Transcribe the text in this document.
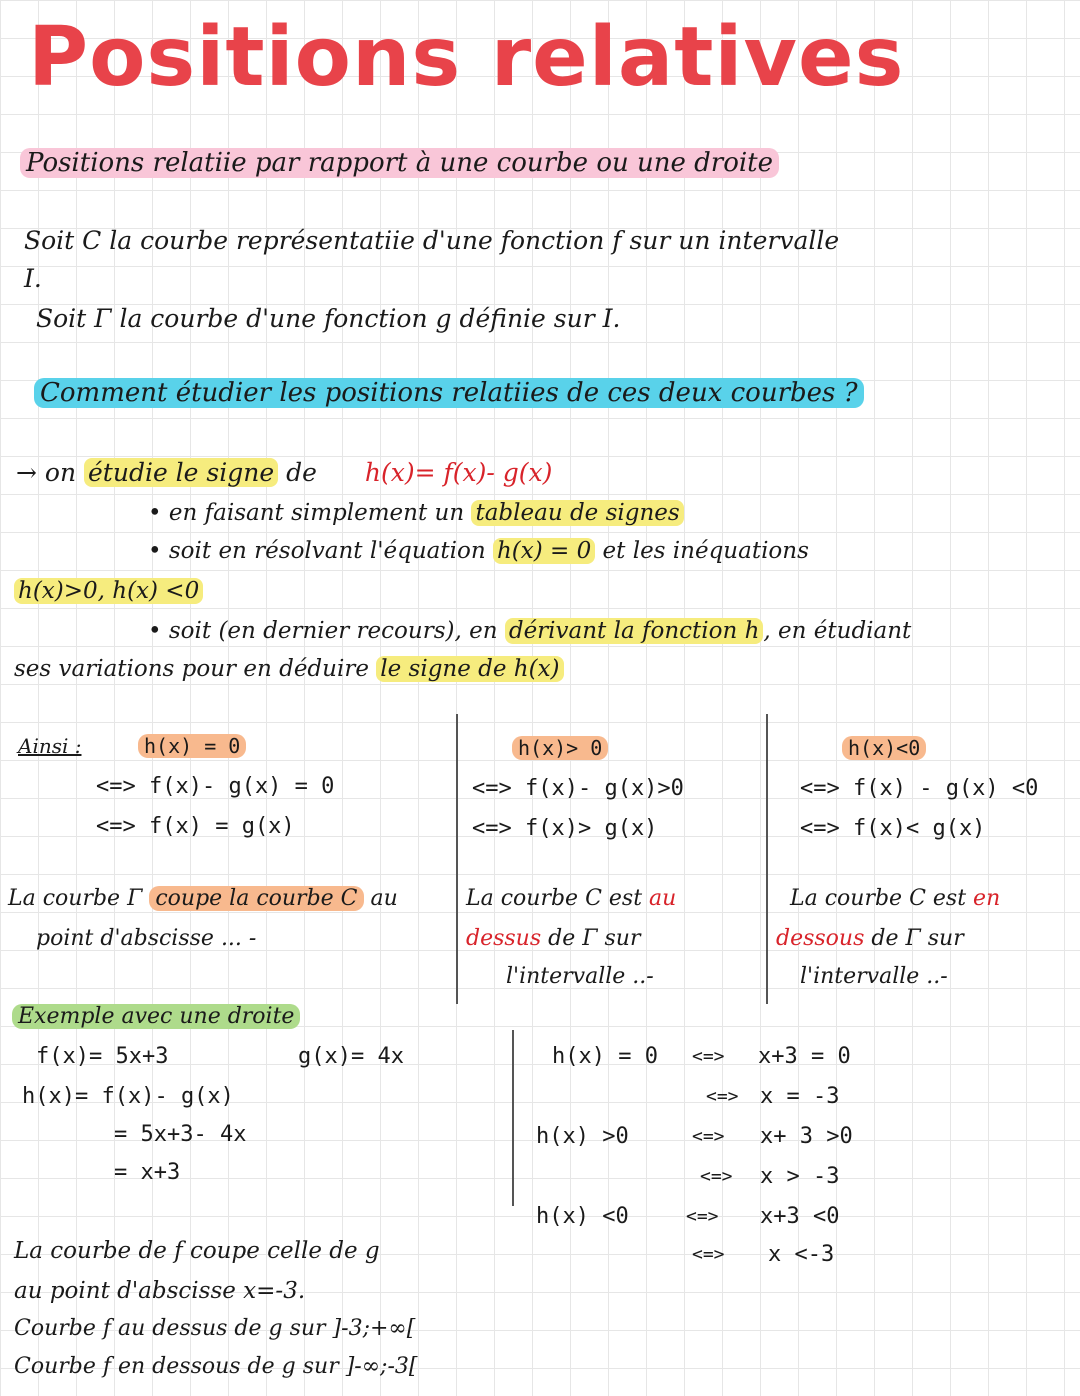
Positions relatives
Positions relatiie par rapport à une courbe ou une droite
Soit C la courbe représentatiie d'une fonction f sur un intervalle
I.
Soit Γ la courbe d'une fonction g définie sur I.
Comment étudier les positions relatiies de ces deux courbes ?
→ on étudie le signe de h(x)= f(x)- g(x)
• en faisant simplement un tableau de signes
• soit en résolvant l'équation h(x) = 0 et les inéquations
h(x)>0, h(x) <0
• soit (en dernier recours), en dérivant la fonction h , en étudiant
ses variations pour en déduire le signe de h(x)
Ainsi :	h(x) = 0
<=> f(x)- g(x) = 0
<=> f(x) = g(x)
La courbe Γ coupe la courbe C au
point d'abscisse ... -
h(x)> 0
<=> f(x)- g(x)>0
<=> f(x)> g(x)
La courbe C est au
dessus de Γ sur
l'intervalle ..-
h(x)<0
<=> f(x) - g(x) <0
<=> f(x)< g(x)
La courbe C est en
dessous de Γ sur
l'intervalle ..-
Exemple avec une droite
f(x)= 5x+3	g(x)= 4x
h(x)= f(x)- g(x)
= 5x+3- 4x
= x+3
h(x) = 0 <=> x+3 = 0
<=> x = -3
h(x) >0	<=> x+ 3 >0
<=> x > -3
h(x) <0	<=> x+3 <0
<=> x <-3
La courbe de f coupe celle de g
au point d'abscisse x=-3.
Courbe f au dessus de g sur ]-3;+∞[
Courbe f en dessous de g sur ]-∞;-3[
